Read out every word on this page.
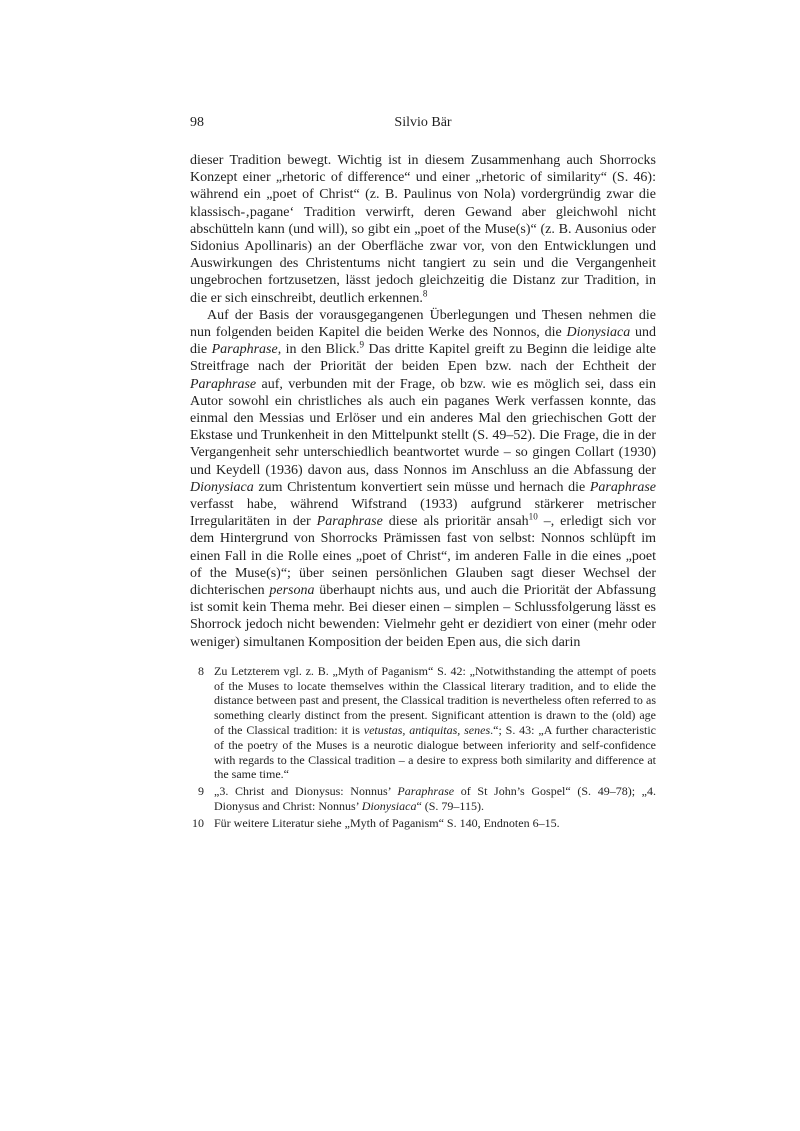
98	Silvio Bär

dieser Tradition bewegt. Wichtig ist in diesem Zusammenhang auch Shorrocks Konzept einer „rhetoric of difference“ und einer „rhetoric of similarity“ (S. 46): während ein „poet of Christ“ (z. B. Paulinus von Nola) vordergründig zwar die klassisch-‚pagane‘ Tradition verwirft, deren Gewand aber gleichwohl nicht abschütteln kann (und will), so gibt ein „poet of the Muse(s)“ (z. B. Ausonius oder Sidonius Apollinaris) an der Oberfläche zwar vor, von den Entwicklungen und Auswirkungen des Christentums nicht tangiert zu sein und die Vergangenheit ungebrochen fortzusetzen, lässt jedoch gleichzeitig die Distanz zur Tradition, in die er sich einschreibt, deutlich erkennen.$^8$

Auf der Basis der vorausgegangenen Überlegungen und Thesen nehmen die nun folgenden beiden Kapitel die beiden Werke des Nonnos, die Dionysiaca und die Paraphrase, in den Blick.$^9$ Das dritte Kapitel greift zu Beginn die leidige alte Streitfrage nach der Priorität der beiden Epen bzw. nach der Echtheit der Paraphrase auf, verbunden mit der Frage, ob bzw. wie es möglich sei, dass ein Autor sowohl ein christliches als auch ein paganes Werk verfassen konnte, das einmal den Messias und Erlöser und ein anderes Mal den griechischen Gott der Ekstase und Trunkenheit in den Mittelpunkt stellt (S. 49–52). Die Frage, die in der Vergangenheit sehr unterschiedlich beantwortet wurde – so gingen Collart (1930) und Keydell (1936) davon aus, dass Nonnos im Anschluss an die Abfassung der Dionysiaca zum Christentum konvertiert sein müsse und hernach die Paraphrase verfasst habe, während Wifstrand (1933) aufgrund stärkerer metrischer Irregularitäten in der Paraphrase diese als prioritär ansah$^{10}$ –, erledigt sich vor dem Hintergrund von Shorrocks Prämissen fast von selbst: Nonnos schlüpft im einen Fall in die Rolle eines „poet of Christ“, im anderen Falle in die eines „poet of the Muse(s)“; über seinen persönlichen Glauben sagt dieser Wechsel der dichterischen persona überhaupt nichts aus, und auch die Priorität der Abfassung ist somit kein Thema mehr. Bei dieser einen – simplen – Schlussfolgerung lässt es Shorrock jedoch nicht bewenden: Vielmehr geht er dezidiert von einer (mehr oder weniger) simultanen Komposition der beiden Epen aus, die sich darin

8 Zu Letzterem vgl. z. B. „Myth of Paganism“ S. 42: „Notwithstanding the attempt of poets of the Muses to locate themselves within the Classical literary tradition, and to elide the distance between past and present, the Classical tradition is nevertheless often referred to as something clearly distinct from the present. Significant attention is drawn to the (old) age of the Classical tradition: it is vetustas, antiquitas, senes.“; S. 43: „A further characteristic of the poetry of the Muses is a neurotic dialogue between inferiority and self-confidence with regards to the Classical tradition – a desire to express both similarity and difference at the same time.“
9 „3. Christ and Dionysus: Nonnus’ Paraphrase of St John’s Gospel“ (S. 49–78); „4. Dionysus and Christ: Nonnus’ Dionysiaca“ (S. 79–115).
10 Für weitere Literatur siehe „Myth of Paganism“ S. 140, Endnoten 6–15.
